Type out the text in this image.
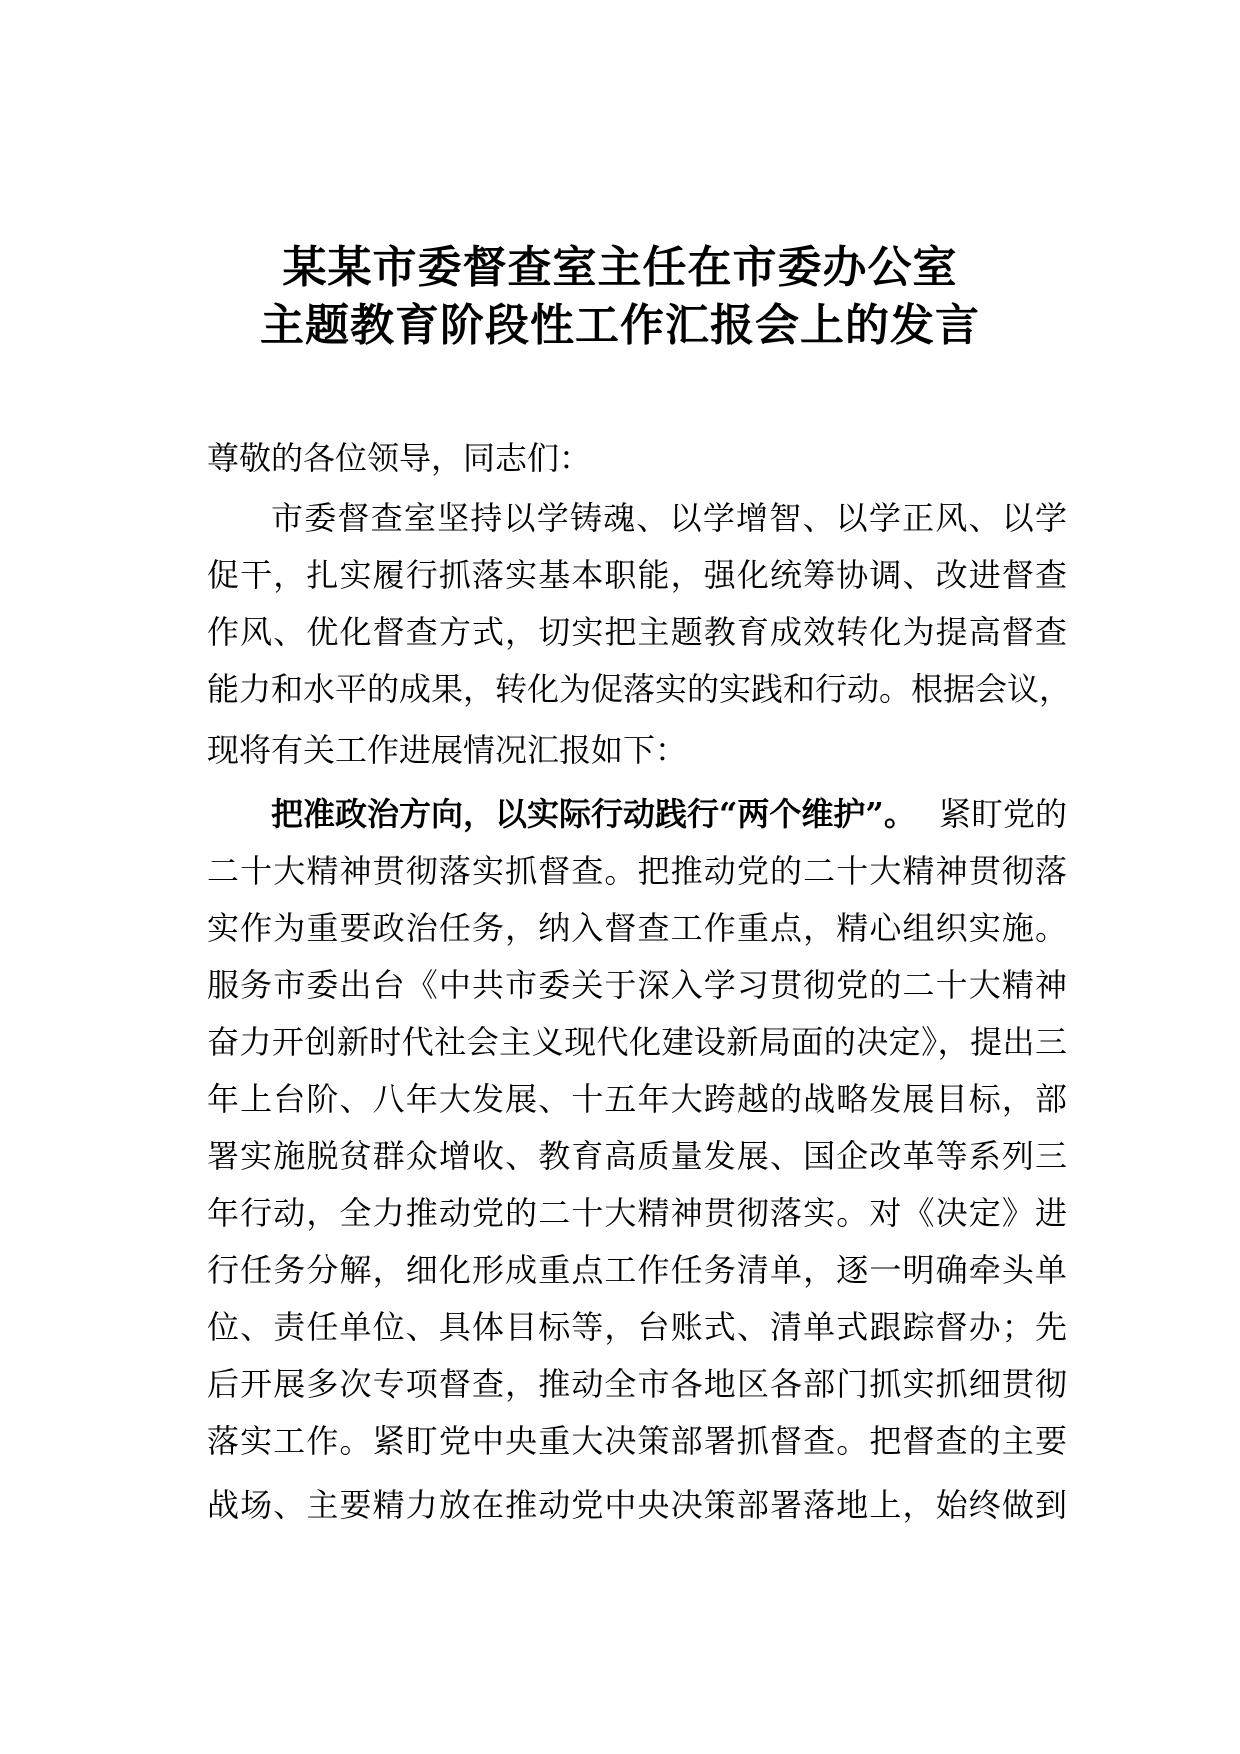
某某市委督查室主任在市委办公室
主题教育阶段性工作汇报会上的发言
尊敬的各位领导，同志们：
市委督查室坚持以学铸魂、以学增智、以学正风、以学
促干，扎实履行抓落实基本职能，强化统筹协调、改进督查
作风、优化督查方式，切实把主题教育成效转化为提高督查
能力和水平的成果，转化为促落实的实践和行动。根据会议，
现将有关工作进展情况汇报如下：
把准政治方向，以实际行动践行“两个维护”。 紧盯党的
二十大精神贯彻落实抓督查。把推动党的二十大精神贯彻落
实作为重要政治任务，纳入督查工作重点，精心组织实施。
服务市委出台《中共市委关于深入学习贯彻党的二十大精神
奋力开创新时代社会主义现代化建设新局面的决定》，提出三
年上台阶、八年大发展、十五年大跨越的战略发展目标，部
署实施脱贫群众增收、教育高质量发展、国企改革等系列三
年行动，全力推动党的二十大精神贯彻落实。对《决定》进
行任务分解，细化形成重点工作任务清单，逐一明确牵头单
位、责任单位、具体目标等，台账式、清单式跟踪督办；先
后开展多次专项督查，推动全市各地区各部门抓实抓细贯彻
落实工作。紧盯党中央重大决策部署抓督查。把督查的主要
战场、主要精力放在推动党中央决策部署落地上，始终做到
